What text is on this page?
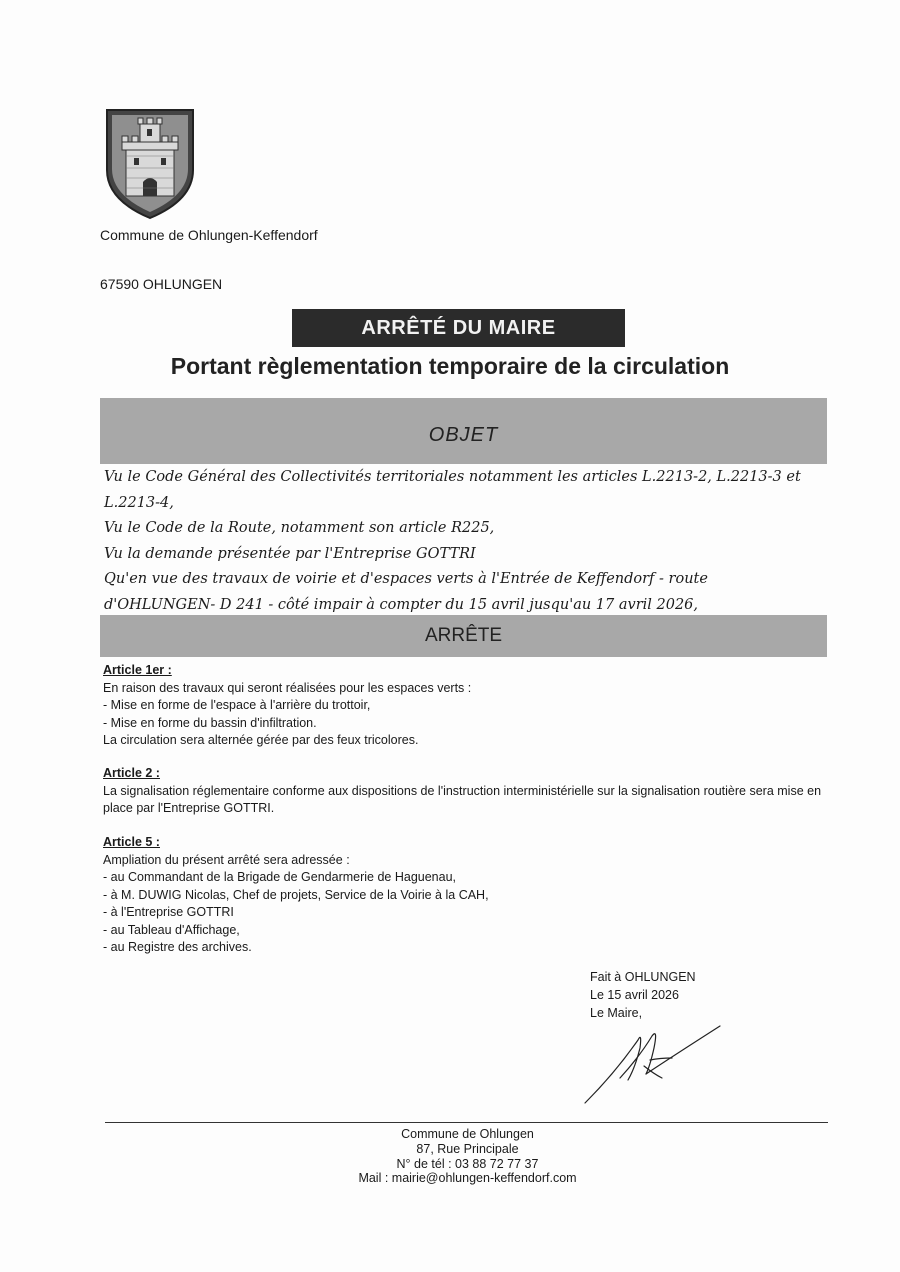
Commune de Ohlungen-Keffendorf
67590 OHLUNGEN
ARRÊTÉ DU MAIRE
Portant règlementation temporaire de la circulation
OBJET

Vu le Code Général des Collectivités territoriales notamment les articles L.2213-2, L.2213-3 et L.2213-4,

Vu le Code de la Route, notamment son article R225,

Vu la demande présentée par l'Entreprise GOTTRI

Qu'en vue des travaux de voirie et d'espaces verts à l'Entrée de Keffendorf - route d'OHLUNGEN- D 241 - côté impair à compter du 15 avril jusqu'au 17 avril 2026,

ARRÊTE

Article 1er :

En raison des travaux qui seront réalisées pour les espaces verts :

- Mise en forme de l'espace à l'arrière du trottoir,

- Mise en forme du bassin d'infiltration.

La circulation sera alternée gérée par des feux tricolores.

Article 2 :

La signalisation réglementaire conforme aux dispositions de l'instruction interministérielle sur la signalisation routière sera mise en place par l'Entreprise GOTTRI.

Article 5 :

Ampliation du présent arrêté sera adressée :

- au Commandant de la Brigade de Gendarmerie de Haguenau,

- à M. DUWIG Nicolas, Chef de projets, Service de la Voirie à la CAH,

- à l'Entreprise GOTTRI

- au Tableau d'Affichage,

- au Registre des archives.

Fait à OHLUNGEN

Le 15 avril 2026

Le Maire,

Commune de Ohlungen

87, Rue Principale

N° de tél : 03 88 72 77 37

Mail : mairie@ohlungen-keffendorf.com
